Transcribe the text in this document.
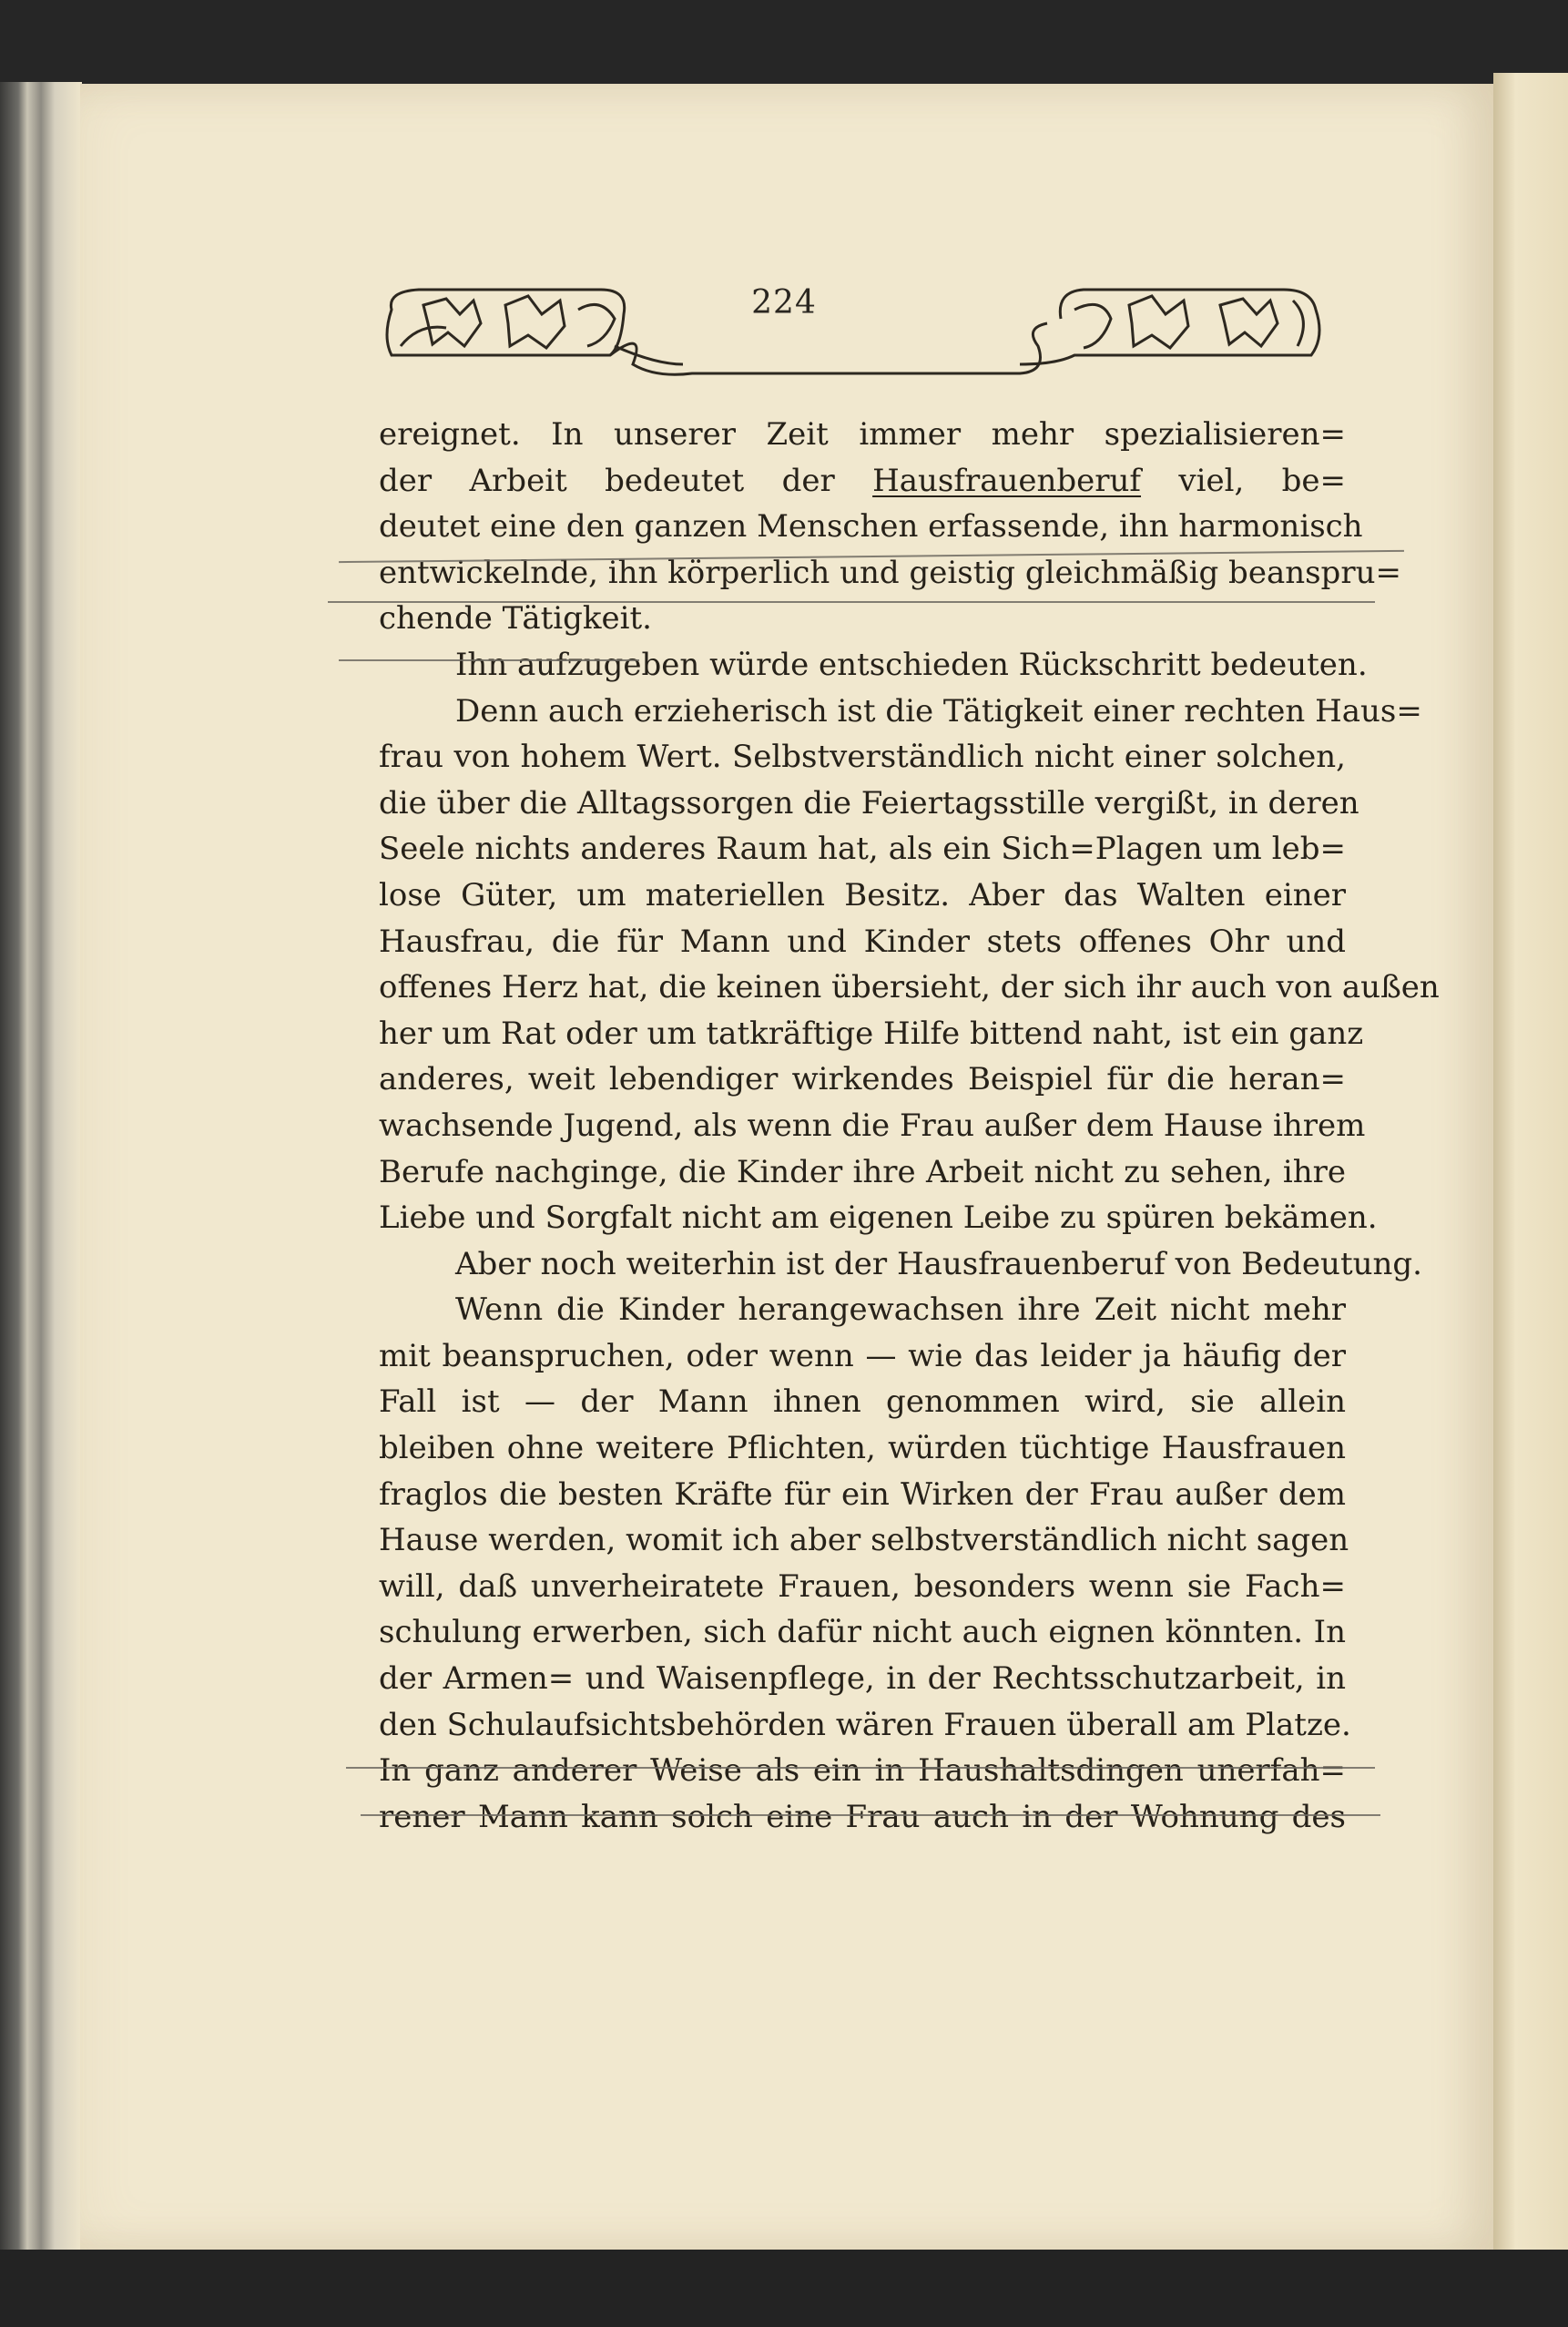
224
ereignet. In unserer Zeit immer mehr spezialisieren=
der Arbeit bedeutet der Hausfrauenberuf viel, be=
deutet eine den ganzen Menschen erfassende, ihn harmonisch
entwickelnde, ihn körperlich und geistig gleichmäßig beanspru=
chende Tätigkeit.
Ihn aufzugeben würde entschieden Rückschritt bedeuten.
Denn auch erzieherisch ist die Tätigkeit einer rechten Haus=
frau von hohem Wert. Selbstverständlich nicht einer solchen,
die über die Alltagssorgen die Feiertagsstille vergißt, in deren
Seele nichts anderes Raum hat, als ein Sich=Plagen um leb=
lose Güter, um materiellen Besitz. Aber das Walten einer
Hausfrau, die für Mann und Kinder stets offenes Ohr und
offenes Herz hat, die keinen übersieht, der sich ihr auch von außen
her um Rat oder um tatkräftige Hilfe bittend naht, ist ein ganz
anderes, weit lebendiger wirkendes Beispiel für die heran=
wachsende Jugend, als wenn die Frau außer dem Hause ihrem
Berufe nachginge, die Kinder ihre Arbeit nicht zu sehen, ihre
Liebe und Sorgfalt nicht am eigenen Leibe zu spüren bekämen.
Aber noch weiterhin ist der Hausfrauenberuf von Bedeutung.
Wenn die Kinder herangewachsen ihre Zeit nicht mehr
mit beanspruchen, oder wenn — wie das leider ja häufig der
Fall ist — der Mann ihnen genommen wird, sie allein
bleiben ohne weitere Pflichten, würden tüchtige Hausfrauen
fraglos die besten Kräfte für ein Wirken der Frau außer dem
Hause werden, womit ich aber selbstverständlich nicht sagen
will, daß unverheiratete Frauen, besonders wenn sie Fach=
schulung erwerben, sich dafür nicht auch eignen könnten. In
der Armen= und Waisenpflege, in der Rechtsschutzarbeit, in
den Schulaufsichtsbehörden wären Frauen überall am Platze.
In ganz anderer Weise als ein in Haushaltsdingen unerfah=
rener Mann kann solch eine Frau auch in der Wohnung des
